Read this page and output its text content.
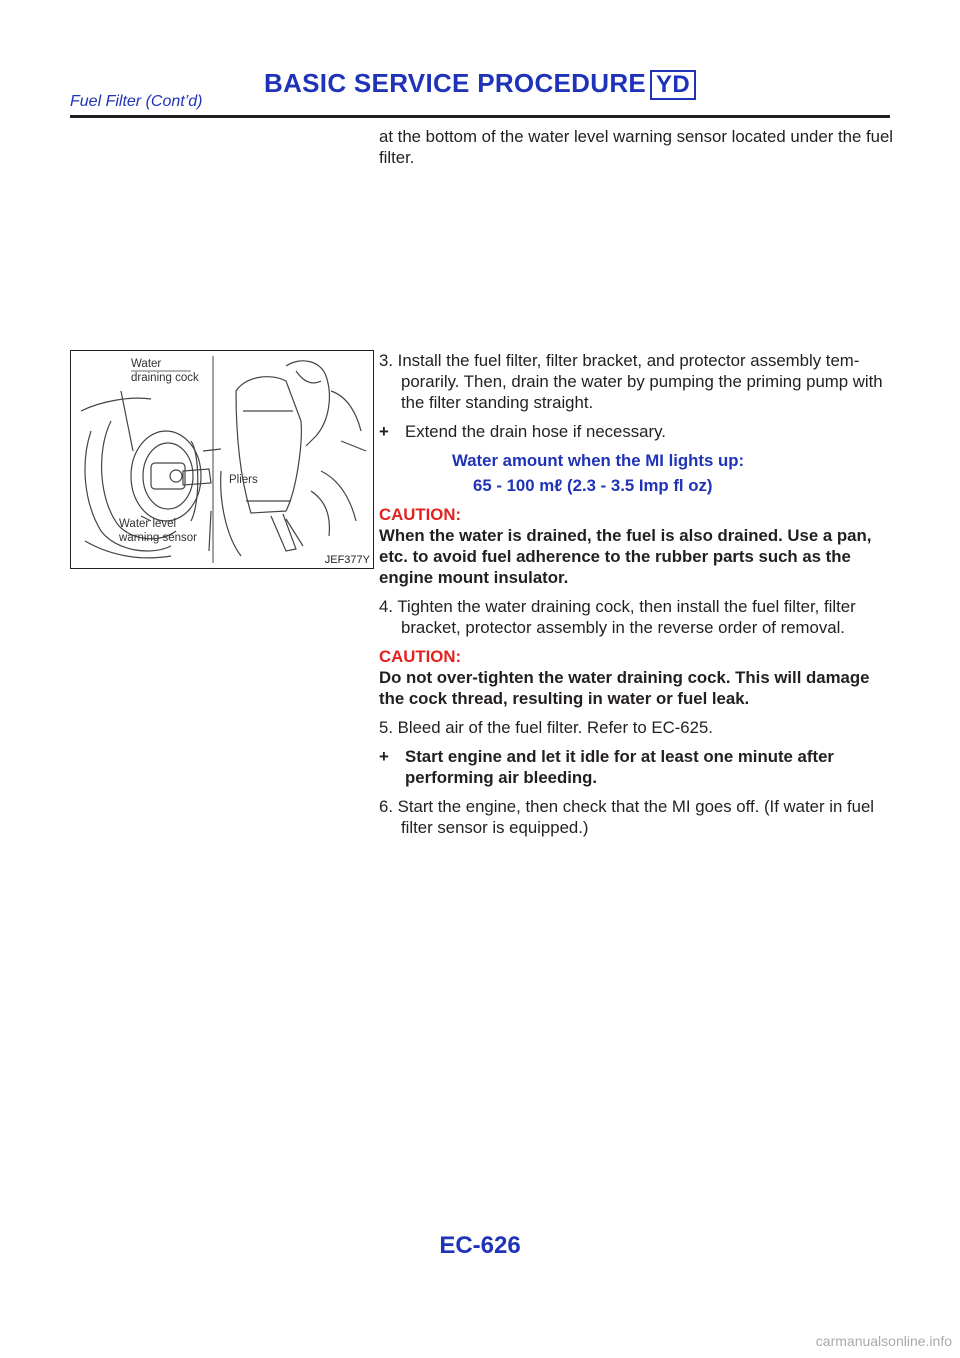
BASIC SERVICE PROCEDURE YD
Fuel Filter (Cont’d)

at the bottom of the water level warning sensor located under the fuel filter.

Water
draining cock
Pliers
Water level
warning sensor
JEF377Y

3. Install the fuel filter, filter bracket, and protector assembly tem-porarily. Then, drain the water by pumping the priming pump with the filter standing straight.

+ Extend the drain hose if necessary.

Water amount when the MI lights up:

65 - 100 mℓ (2.3 - 3.5 Imp fl oz)

CAUTION:

When the water is drained, the fuel is also drained. Use a pan, etc. to avoid fuel adherence to the rubber parts such as the engine mount insulator.

4. Tighten the water draining cock, then install the fuel filter, filter bracket, protector assembly in the reverse order of removal.

CAUTION:

Do not over-tighten the water draining cock. This will damage the cock thread, resulting in water or fuel leak.

5. Bleed air of the fuel filter. Refer to EC-625.

+ Start engine and let it idle for at least one minute after performing air bleeding.

6. Start the engine, then check that the MI goes off. (If water in fuel filter sensor is equipped.)

EC-626
carmanualsonline.info
